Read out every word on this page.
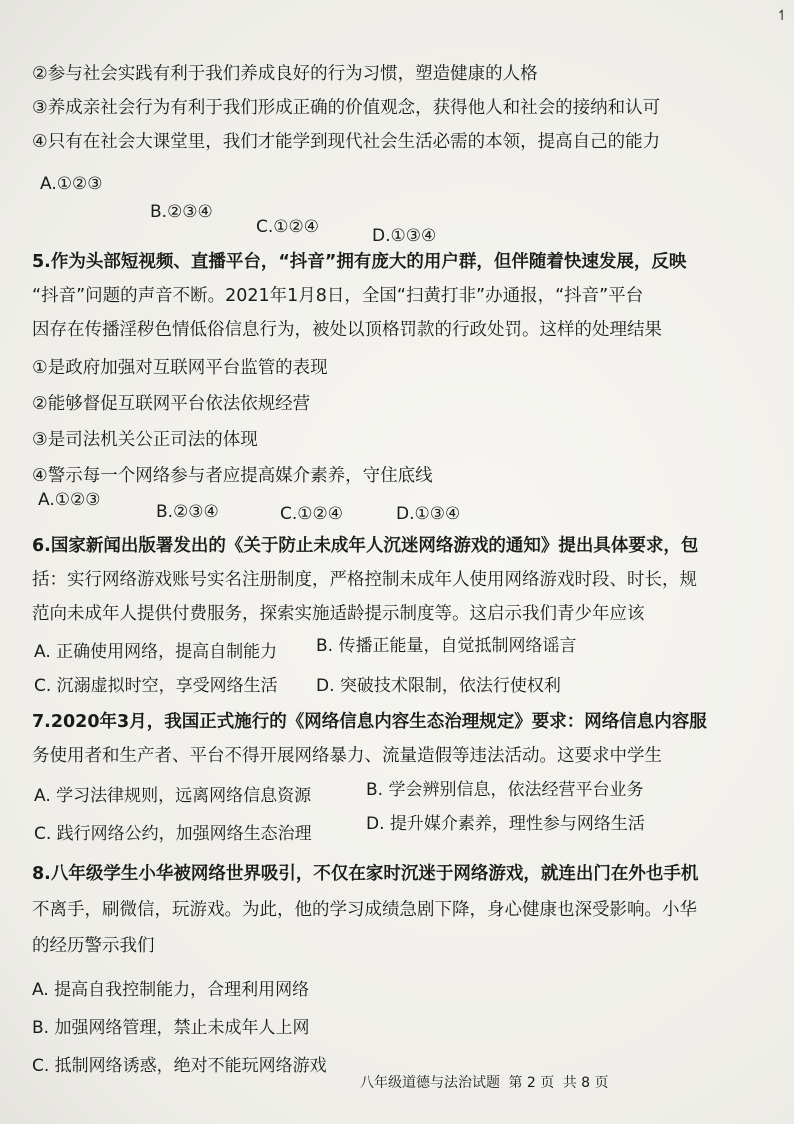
↿
②参与社会实践有利于我们养成良好的行为习惯，塑造健康的人格
③养成亲社会行为有利于我们形成正确的价值观念，获得他人和社会的接纳和认可
④只有在社会大课堂里，我们才能学到现代社会生活必需的本领，提高自己的能力
A.①②③
B.②③④
C.①②④	D.①③④
5.作为头部短视频、直播平台，“抖音”拥有庞大的用户群，但伴随着快速发展，反映
“抖音”问题的声音不断。2021年1月8日，全国“扫黄打非”办通报，“抖音”平台
因存在传播淫秽色情低俗信息行为，被处以顶格罚款的行政处罚。这样的处理结果
①是政府加强对互联网平台监管的表现
②能够督促互联网平台依法依规经营
③是司法机关公正司法的体现
④警示每一个网络参与者应提高媒介素养，守住底线
A.①②③
B.②③④	C.①②④	D.①③④
6.国家新闻出版署发出的《关于防止未成年人沉迷网络游戏的通知》提出具体要求，包
括：实行网络游戏账号实名注册制度，严格控制未成年人使用网络游戏时段、时长，规
范向未成年人提供付费服务，探索实施适龄提示制度等。这启示我们青少年应该
A. 正确使用网络，提高自制能力 B. 传播正能量，自觉抵制网络谣言
C. 沉溺虚拟时空，享受网络生活 D. 突破技术限制，依法行使权利
7.2020年3月，我国正式施行的《网络信息内容生态治理规定》要求：网络信息内容服
务使用者和生产者、平台不得开展网络暴力、流量造假等违法活动。这要求中学生
A. 学习法律规则，远离网络信息资源	B. 学会辨别信息，依法经营平台业务
C. 践行网络公约，加强网络生态治理	D. 提升媒介素养，理性参与网络生活
8.八年级学生小华被网络世界吸引，不仅在家时沉迷于网络游戏，就连出门在外也手机
不离手，刷微信，玩游戏。为此，他的学习成绩急剧下降，身心健康也深受影响。小华
的经历警示我们
A. 提高自我控制能力，合理利用网络
B. 加强网络管理，禁止未成年人上网
C. 抵制网络诱惑，绝对不能玩网络游戏
八年级道德与法治试题 第 2 页 共 8 页
